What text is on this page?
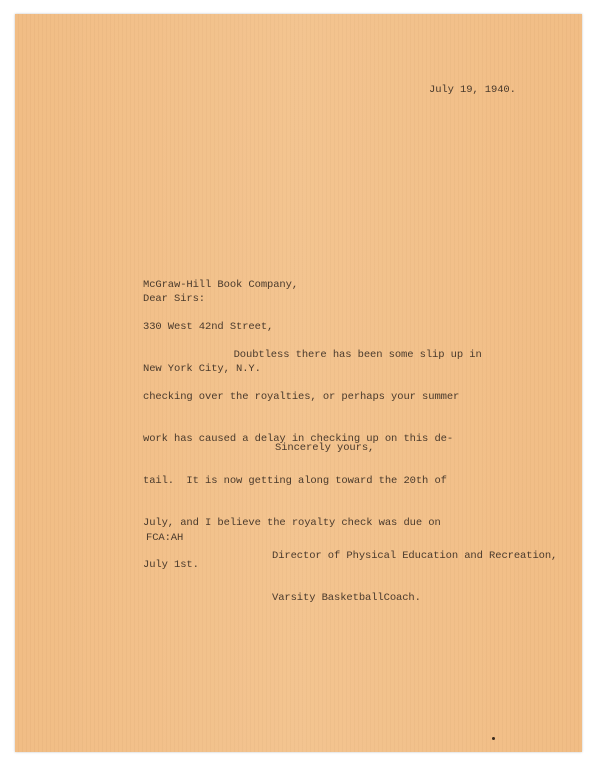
July 19, 1940.

McGraw-Hill Book Company,

330 West 42nd Street,

New York City, N.Y.

Dear Sirs:

Doubtless there has been some slip up in

checking over the royalties, or perhaps your summer

work has caused a delay in checking up on this de-

tail.  It is now getting along toward the 20th of

July, and I believe the royalty check was due on

July 1st.

Sincerely yours,
FCA:AH

Director of Physical Education and Recreation,

Varsity BasketballCoach.
